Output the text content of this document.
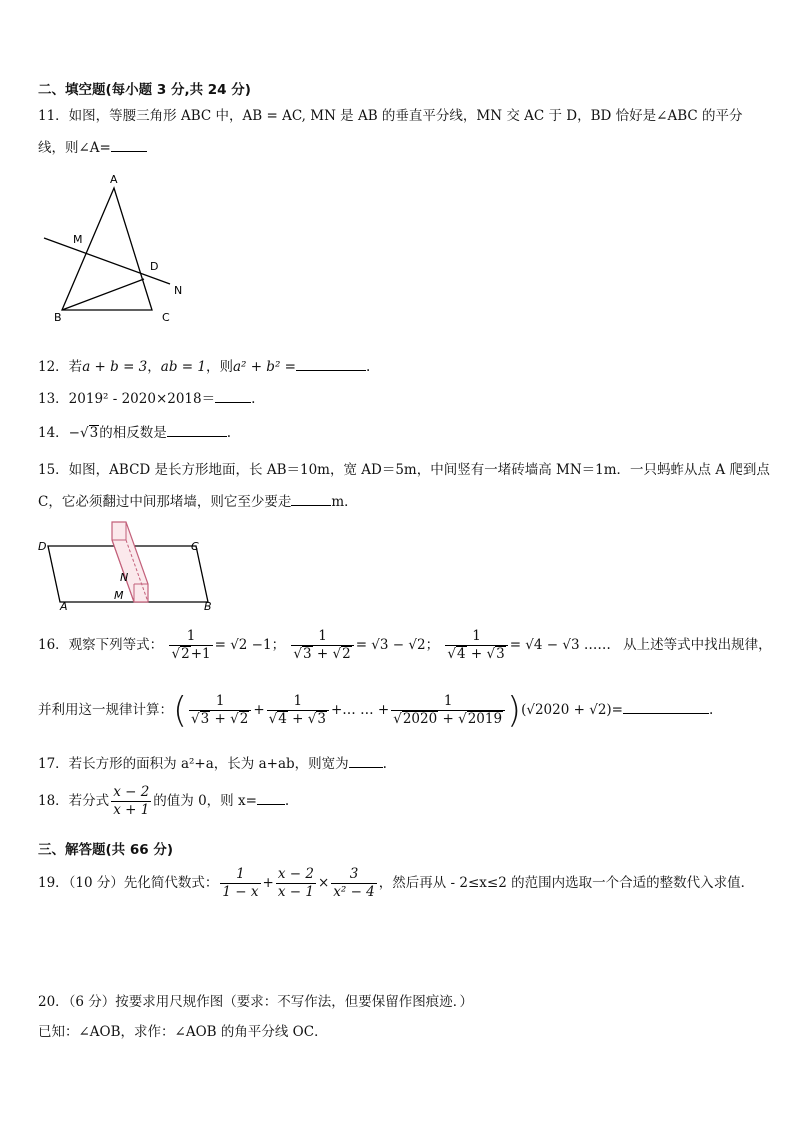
二、填空题(每小题 3 分,共 24 分)
11．如图，等腰三角形 ABC 中，AB = AC, MN 是 AB 的垂直平分线，MN 交 AC 于 D，BD 恰好是∠ABC 的平分
线，则∠A=
A
B	C
M
D
N
12．若a + b = 3，ab = 1，则a² + b² =	.
13．2019² - 2020×2018＝	.
14．−√3的相反数是	.
15．如图，ABCD 是长方形地面，长 AB＝10m，宽 AD＝5m，中间竖有一堵砖墙高 MN＝1m．一只蚂蚱从点 A 爬到点
C，它必须翻过中间那堵墙，则它至少要走	m．
D	C
A	B
M
N
16．观察下列等式： $\frac{1}{√2+1} = √2 -1$； $\frac{1}{√3 + √2} = √3 - √2$； $\frac{1}{√4 + √3} = √4 - √3$ …… 从上述等式中找出规律，
并利用这一规律计算：( $\frac{1}{√3 + √2} + \frac{1}{√4 + √3}$ +… … + $\frac{1}{√2020 + √2019} )(√2020 + √2)=$	.
17．若长方形的面积为 a²+a，长为 a+ab，则宽为	.
18．若分式 $\frac{x - 2}{x + 1}$ 的值为 0，则 x= .
三、解答题(共 66 分)
19．（10 分）先化简代数式： $\frac{1}{1 - x} + \frac{x - 2}{x - 1} \times \frac{3}{\text{x² − 4}}$ ，然后再从 - 2≤x≤2 的范围内选取一个合适的整数代入求值．
20．（6 分）按要求用尺规作图（要求：不写作法，但要保留作图痕迹．）
已知：∠AOB，求作：∠AOB 的角平分线 OC．
